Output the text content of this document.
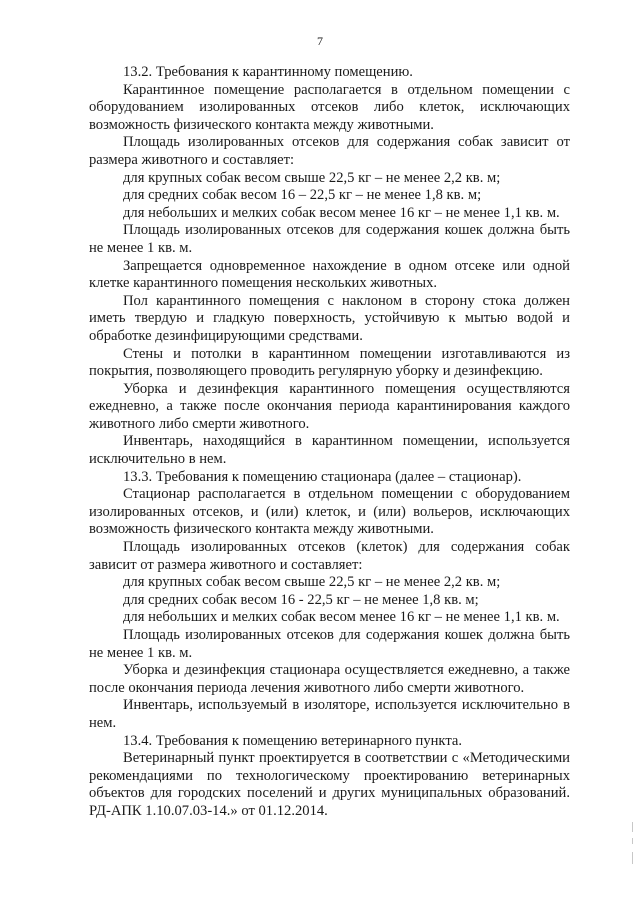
7

13.2. Требования к карантинному помещению.

Карантинное помещение располагается в отдельном помещении с оборудованием изолированных отсеков либо клеток, исключающих возможность физического контакта между животными.

Площадь изолированных отсеков для содержания собак зависит от размера животного и составляет:

для крупных собак весом свыше 22,5 кг – не менее 2,2 кв. м;

для средних собак весом 16 – 22,5 кг – не менее 1,8 кв. м;

для небольших и мелких собак весом менее 16 кг – не менее 1,1 кв. м.

Площадь изолированных отсеков для содержания кошек должна быть не менее 1 кв. м.

Запрещается одновременное нахождение в одном отсеке или одной клетке карантинного помещения нескольких животных.

Пол карантинного помещения с наклоном в сторону стока должен иметь твердую и гладкую поверхность, устойчивую к мытью водой и обработке дезинфицирующими средствами.

Стены и потолки в карантинном помещении изготавливаются из покрытия, позволяющего проводить регулярную уборку и дезинфекцию.

Уборка и дезинфекция карантинного помещения осуществляются ежедневно, а также после окончания периода карантинирования каждого животного либо смерти животного.

Инвентарь, находящийся в карантинном помещении, используется исключительно в нем.

13.3. Требования к помещению стационара (далее – стационар).

Стационар располагается в отдельном помещении с оборудованием изолированных отсеков, и (или) клеток, и (или) вольеров, исключающих возможность физического контакта между животными.

Площадь изолированных отсеков (клеток) для содержания собак зависит от размера животного и составляет:

для крупных собак весом свыше 22,5 кг – не менее 2,2 кв. м;

для средних собак весом 16 - 22,5 кг – не менее 1,8 кв. м;

для небольших и мелких собак весом менее 16 кг – не менее 1,1 кв. м.

Площадь изолированных отсеков для содержания кошек должна быть не менее 1 кв. м.

Уборка и дезинфекция стационара осуществляется ежедневно, а также после окончания периода лечения животного либо смерти животного.

Инвентарь, используемый в изоляторе, используется исключительно в нем.

13.4. Требования к помещению ветеринарного пункта.

Ветеринарный пункт проектируется в соответствии с «Методическими рекомендациями по технологическому проектированию ветеринарных объектов для городских поселений и других муниципальных образований. РД-АПК 1.10.07.03-14.» от 01.12.2014.
